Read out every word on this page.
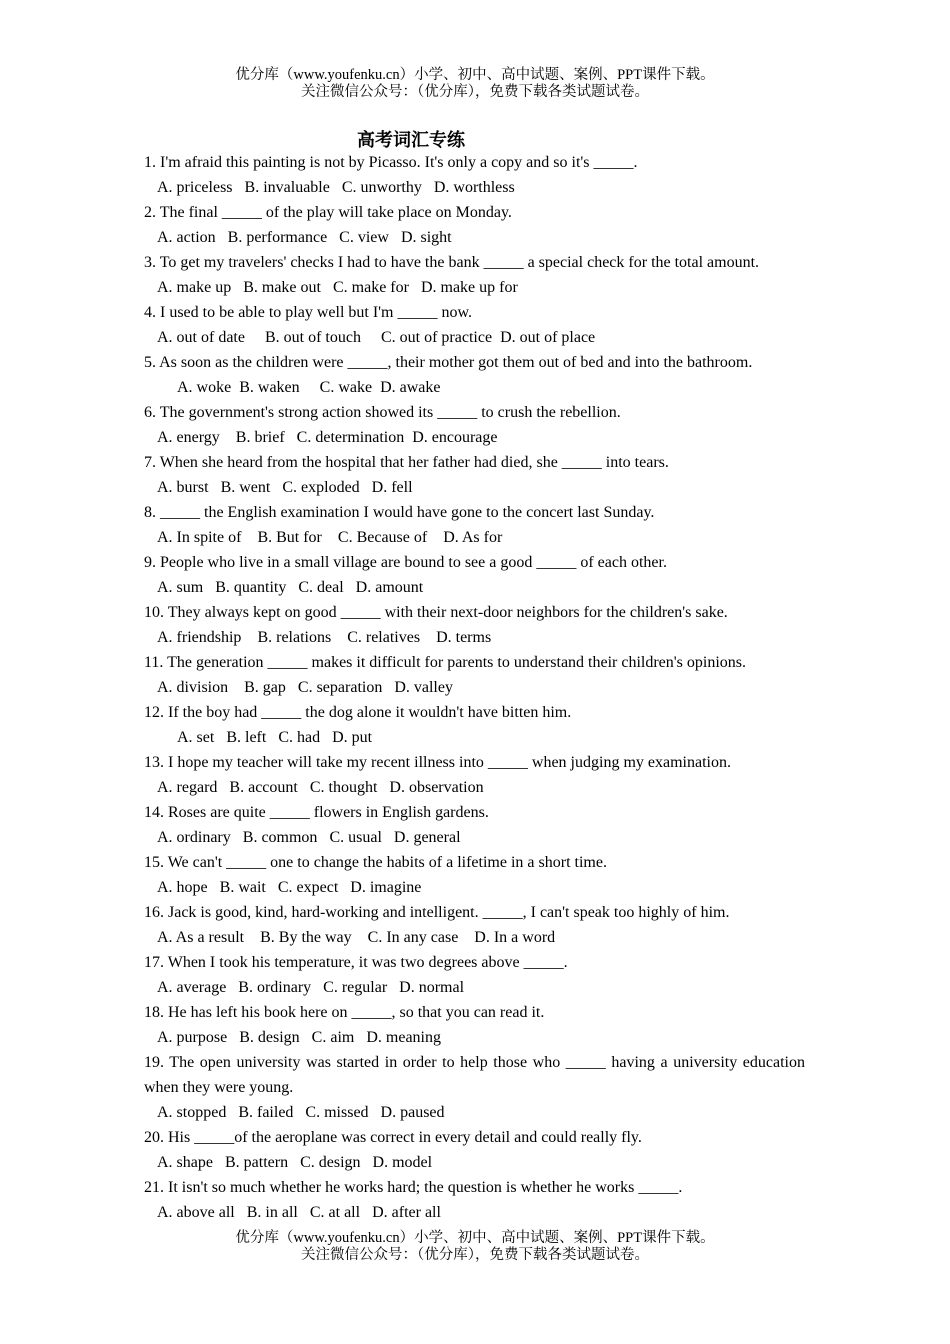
优分库（www.youfenku.cn）小学、初中、高中试题、案例、PPT课件下载。
关注微信公众号：（优分库），免费下载各类试题试卷。
高考词汇专练
1. I'm afraid this painting is not by Picasso. It's only a copy and so it's _____.
A. priceless B. invaluable C. unworthy D. worthless
2. The final _____ of the play will take place on Monday.
A. action B. performance C. view D. sight
3. To get my travelers' checks I had to have the bank _____ a special check for the total amount.
A. make up B. make out C. make for D. make up for
4. I used to be able to play well but I'm _____ now.
A. out of date B. out of touch C. out of practice D. out of place
5. As soon as the children were _____, their mother got them out of bed and into the bathroom.
A. woke B. waken C. wake D. awake
6. The government's strong action showed its _____ to crush the rebellion.
A. energy B. brief C. determination D. encourage
7. When she heard from the hospital that her father had died, she _____ into tears.
A. burst B. went C. exploded D. fell
8. _____ the English examination I would have gone to the concert last Sunday.
A. In spite of B. But for C. Because of D. As for
9. People who live in a small village are bound to see a good _____ of each other.
A. sum B. quantity C. deal D. amount
10. They always kept on good _____ with their next-door neighbors for the children's sake.
A. friendship B. relations C. relatives D. terms
11. The generation _____ makes it difficult for parents to understand their children's opinions.
A. division B. gap C. separation D. valley
12. If the boy had _____ the dog alone it wouldn't have bitten him.
A. set B. left C. had D. put
13. I hope my teacher will take my recent illness into _____ when judging my examination.
A. regard B. account C. thought D. observation
14. Roses are quite _____ flowers in English gardens.
A. ordinary B. common C. usual D. general
15. We can't _____ one to change the habits of a lifetime in a short time.
A. hope B. wait C. expect D. imagine
16. Jack is good, kind, hard-working and intelligent. _____, I can't speak too highly of him.
A. As a result B. By the way C. In any case D. In a word
17. When I took his temperature, it was two degrees above _____.
A. average B. ordinary C. regular D. normal
18. He has left his book here on _____, so that you can read it.
A. purpose B. design C. aim D. meaning
19. The open university was started in order to help those who _____ having a university education when they were young.
A. stopped B. failed C. missed D. paused
20. His _____of the aeroplane was correct in every detail and could really fly.
A. shape B. pattern C. design D. model
21. It isn't so much whether he works hard; the question is whether he works _____.
A. above all B. in all C. at all D. after all
优分库（www.youfenku.cn）小学、初中、高中试题、案例、PPT课件下载。
关注微信公众号：（优分库），免费下载各类试题试卷。
